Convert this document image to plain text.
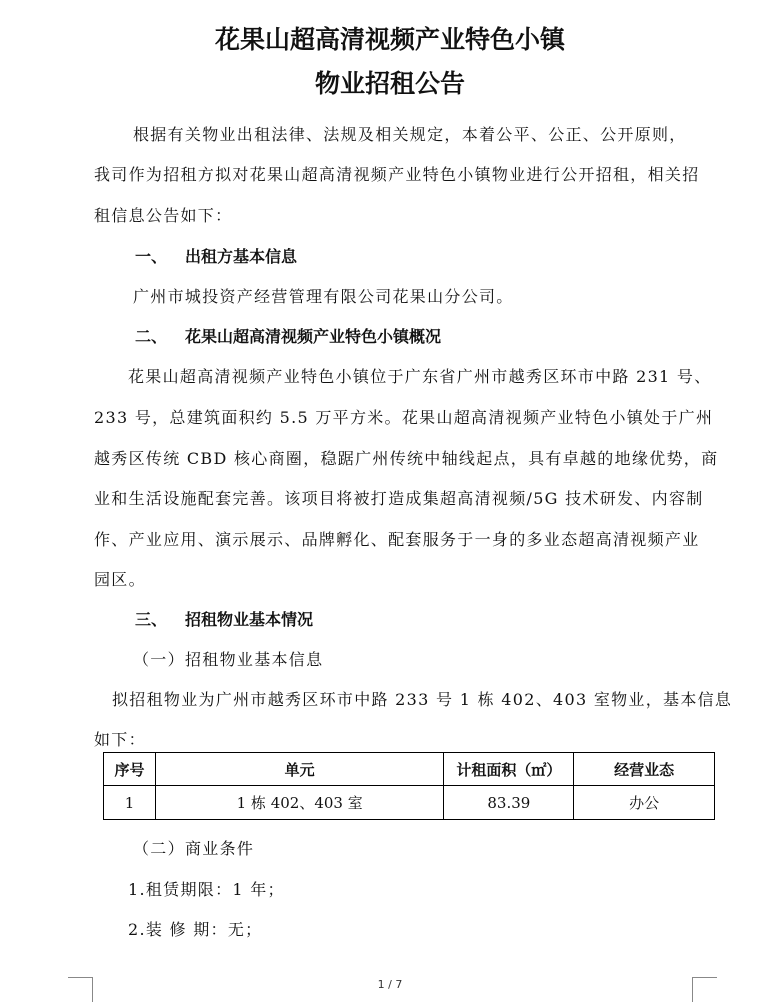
花果山超高清视频产业特色小镇
物业招租公告
根据有关物业出租法律、法规及相关规定，本着公平、公正、公开原则，
我司作为招租方拟对花果山超高清视频产业特色小镇物业进行公开招租，相关招
租信息公告如下：
一、 出租方基本信息
广州市城投资产经营管理有限公司花果山分公司。
二、 花果山超高清视频产业特色小镇概况
花果山超高清视频产业特色小镇位于广东省广州市越秀区环市中路 231 号、
233 号，总建筑面积约 5.5 万平方米。花果山超高清视频产业特色小镇处于广州
越秀区传统 CBD 核心商圈，稳踞广州传统中轴线起点，具有卓越的地缘优势，商
业和生活设施配套完善。该项目将被打造成集超高清视频/5G 技术研发、内容制
作、产业应用、演示展示、品牌孵化、配套服务于一身的多业态超高清视频产业
园区。
三、 招租物业基本情况
（一） 招租物业基本信息
拟招租物业为广州市越秀区环市中路 233 号 1 栋 402、403 室物业，基本信息
如下：
序号	单元	计租面积（㎡）	经营业态
1	1 栋 402、403 室	83.39	办公
（二） 商业条件
1.租赁期限：1 年；
2.装 修 期：无；
1 / 7
